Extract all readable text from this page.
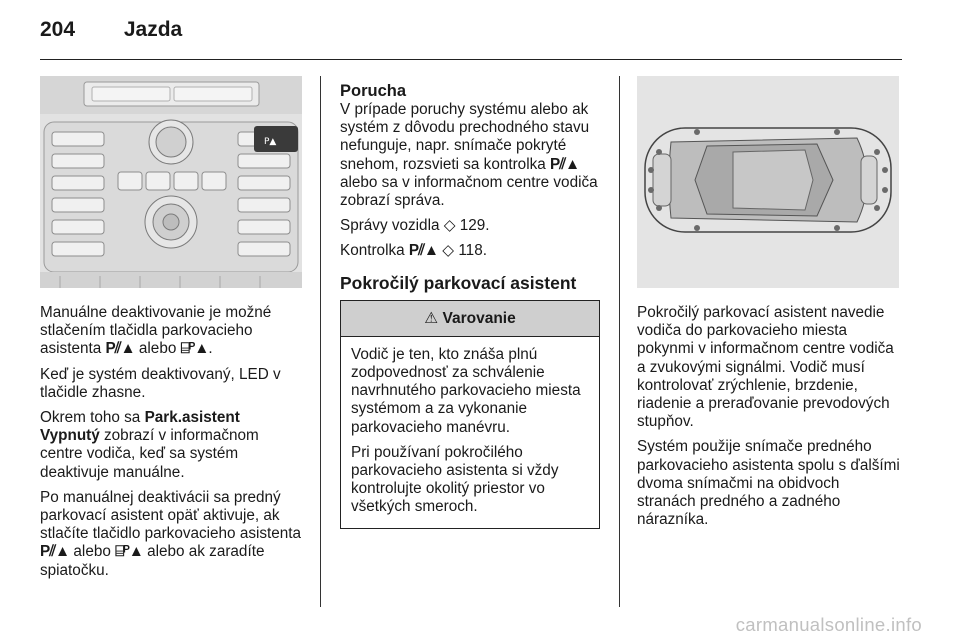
204 Jazda
P▲

Manuálne deaktivovanie je možné stlačením tlačidla parkovacieho asistenta P⫽▲ alebo ⌸ᴾ▲.

Keď je systém deaktivovaný, LED v tlačidle zhasne.

Okrem toho sa Park.asistent Vypnutý zobrazí v informačnom centre vodiča, keď sa systém deaktivuje manuálne.

Po manuálnej deaktivácii sa predný parkovací asistent opäť aktivuje, ak stlačíte tlačidlo parkovacieho asistenta P⫽▲ alebo ⌸ᴾ▲ alebo ak zaradíte spiatočku.

Porucha

V prípade poruchy systému alebo ak systém z dôvodu prechodného stavu nefunguje, napr. snímače pokryté snehom, rozsvieti sa kontrolka P⫽▲ alebo sa v informačnom centre vodiča zobrazí správa.

Správy vozidla ◇ 129.

Kontrolka P⫽▲ ◇ 118.

Pokročilý parkovací asistent
⚠ Varovanie

Vodič je ten, kto znáša plnú zodpovednosť za schválenie navrhnutého parkovacieho miesta systémom a za vykonanie parkovacieho manévru.

Pri používaní pokročilého parkovacieho asistenta si vždy kontrolujte okolitý priestor vo všetkých smeroch.

Pokročilý parkovací asistent navedie vodiča do parkovacieho miesta pokynmi v informačnom centre vodiča a zvukovými signálmi. Vodič musí kontrolovať zrýchlenie, brzdenie, riadenie a preraďovanie prevodových stupňov.

Systém použije snímače predného parkovacieho asistenta spolu s ďalšími dvoma snímačmi na obidvoch stranách predného a zadného nárazníka.

carmanualsonline.info
